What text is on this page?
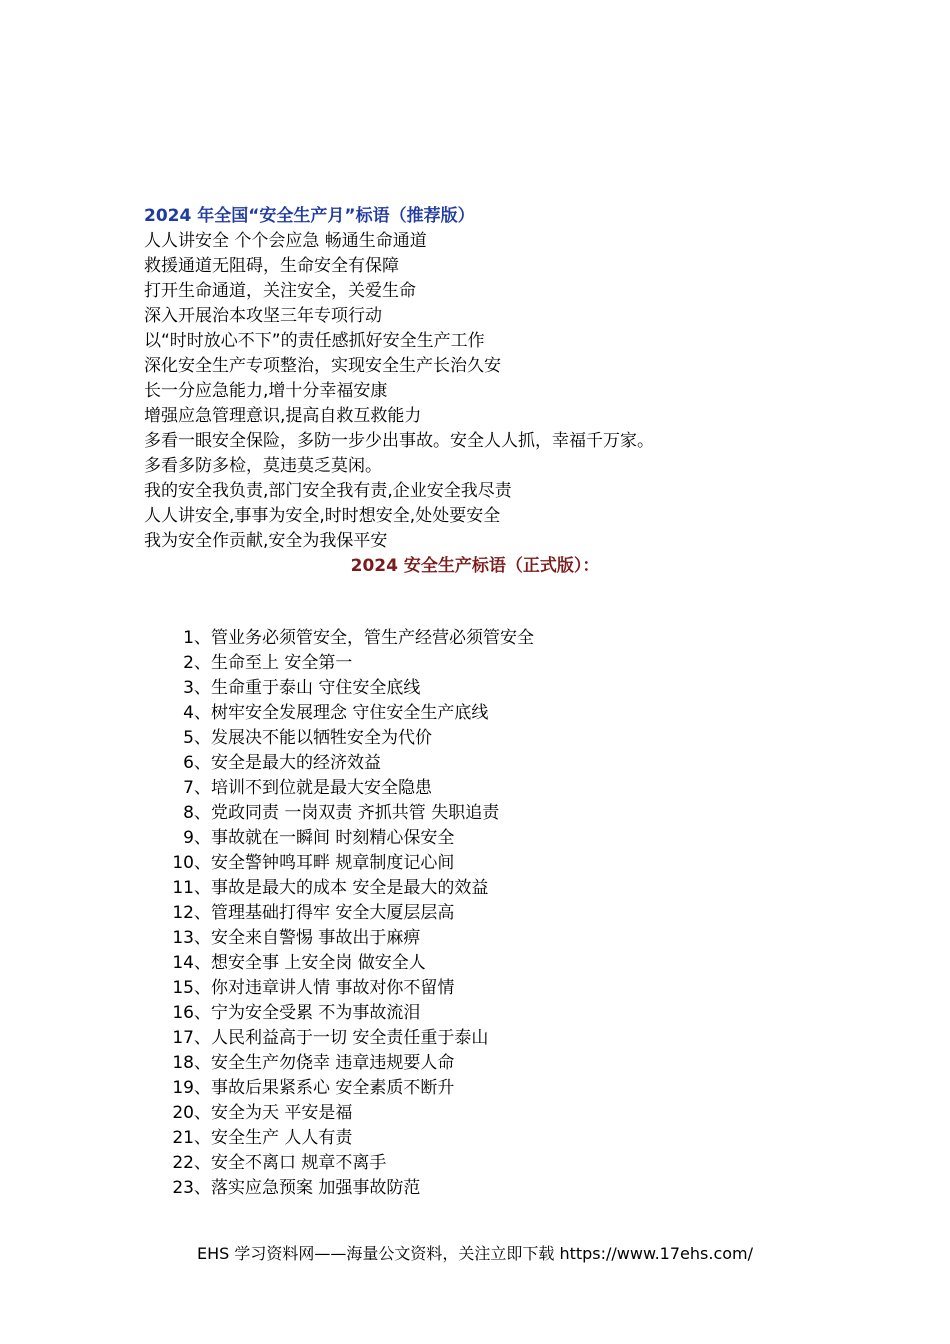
2024 年全国“安全生产月”标语（推荐版）
人人讲安全 个个会应急 畅通生命通道
救援通道无阻碍，生命安全有保障
打开生命通道，关注安全，关爱生命
深入开展治本攻坚三年专项行动
以“时时放心不下”的责任感抓好安全生产工作
深化安全生产专项整治，实现安全生产长治久安
长一分应急能力,增十分幸福安康
增强应急管理意识,提高自救互救能力
多看一眼安全保险，多防一步少出事故。安全人人抓，幸福千万家。
多看多防多检，莫违莫乏莫闲。
我的安全我负责,部门安全我有责,企业安全我尽责
人人讲安全,事事为安全,时时想安全,处处要安全
我为安全作贡献,安全为我保平安
2024 安全生产标语（正式版）：
1、管业务必须管安全，管生产经营必须管安全
2、生命至上 安全第一
3、生命重于泰山 守住安全底线
4、树牢安全发展理念 守住安全生产底线
5、发展决不能以牺牲安全为代价
6、安全是最大的经济效益
7、培训不到位就是最大安全隐患
8、党政同责 一岗双责 齐抓共管 失职追责
9、事故就在一瞬间 时刻精心保安全
10、安全警钟鸣耳畔 规章制度记心间
11、事故是最大的成本 安全是最大的效益
12、管理基础打得牢 安全大厦层层高
13、安全来自警惕 事故出于麻痹
14、想安全事 上安全岗 做安全人
15、你对违章讲人情 事故对你不留情
16、宁为安全受累 不为事故流泪
17、人民利益高于一切 安全责任重于泰山
18、安全生产勿侥幸 违章违规要人命
19、事故后果紧系心 安全素质不断升
20、安全为天 平安是福
21、安全生产 人人有责
22、安全不离口 规章不离手
23、落实应急预案 加强事故防范
EHS 学习资料网——海量公文资料，关注立即下载 https://www.17ehs.com/
